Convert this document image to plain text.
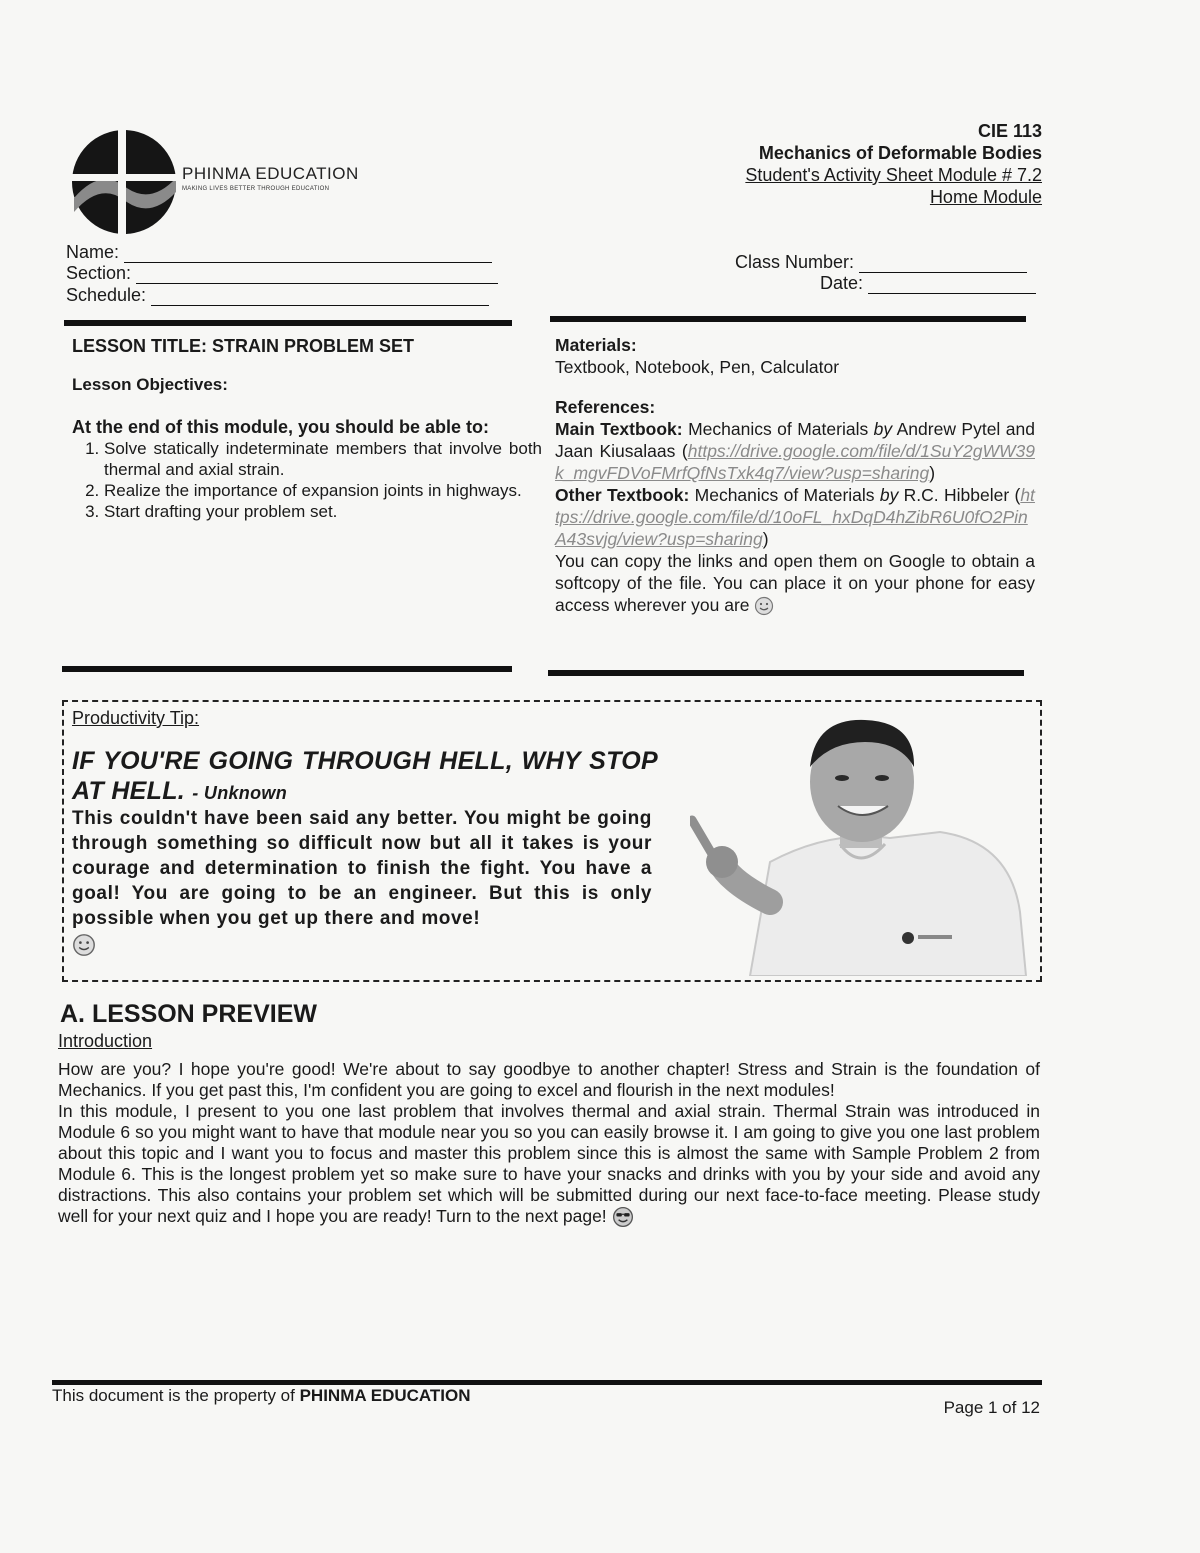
PHINMA EDUCATION
MAKING LIVES BETTER THROUGH EDUCATION
CIE 113
Mechanics of Deformable Bodies
Student's Activity Sheet Module # 7.2
Home Module
Name:
Section:
Schedule:
Class Number:
Date:
LESSON TITLE: STRAIN PROBLEM SET
Lesson Objectives:
At the end of this module, you should be able to:
1. Solve statically indeterminate members that involve both thermal and axial strain.
2. Realize the importance of expansion joints in highways.
3. Start drafting your problem set.
Materials:
Textbook, Notebook, Pen, Calculator
References:
Main Textbook: Mechanics of Materials by Andrew Pytel and Jaan Kiusalaas (https://drive.google.com/file/d/1SuY2gWW39k_mgvFDVoFMrfQfNsTxk4q7/view?usp=sharing)
Other Textbook: Mechanics of Materials by R.C. Hibbeler (https://drive.google.com/file/d/10oFL_hxDqD4hZibR6U0fO2PinA43svjg/view?usp=sharing)
You can copy the links and open them on Google to obtain a softcopy of the file. You can place it on your phone for easy access wherever you are
Productivity Tip:
IF YOU'RE GOING THROUGH HELL, WHY STOP AT HELL. - Unknown
This couldn't have been said any better. You might be going through something so difficult now but all it takes is your courage and determination to finish the fight. You have a goal! You are going to be an engineer. But this is only possible when you get up there and move!
A. LESSON PREVIEW
Introduction

How are you? I hope you're good! We're about to say goodbye to another chapter! Stress and Strain is the foundation of Mechanics. If you get past this, I'm confident you are going to excel and flourish in the next modules!

In this module, I present to you one last problem that involves thermal and axial strain. Thermal Strain was introduced in Module 6 so you might want to have that module near you so you can easily browse it. I am going to give you one last problem about this topic and I want you to focus and master this problem since this is almost the same with Sample Problem 2 from Module 6. This is the longest problem yet so make sure to have your snacks and drinks with you by your side and avoid any distractions. This also contains your problem set which will be submitted during our next face-to-face meeting. Please study well for your next quiz and I hope you are ready! Turn to the next page!

This document is the property of PHINMA EDUCATION
Page 1 of 12
